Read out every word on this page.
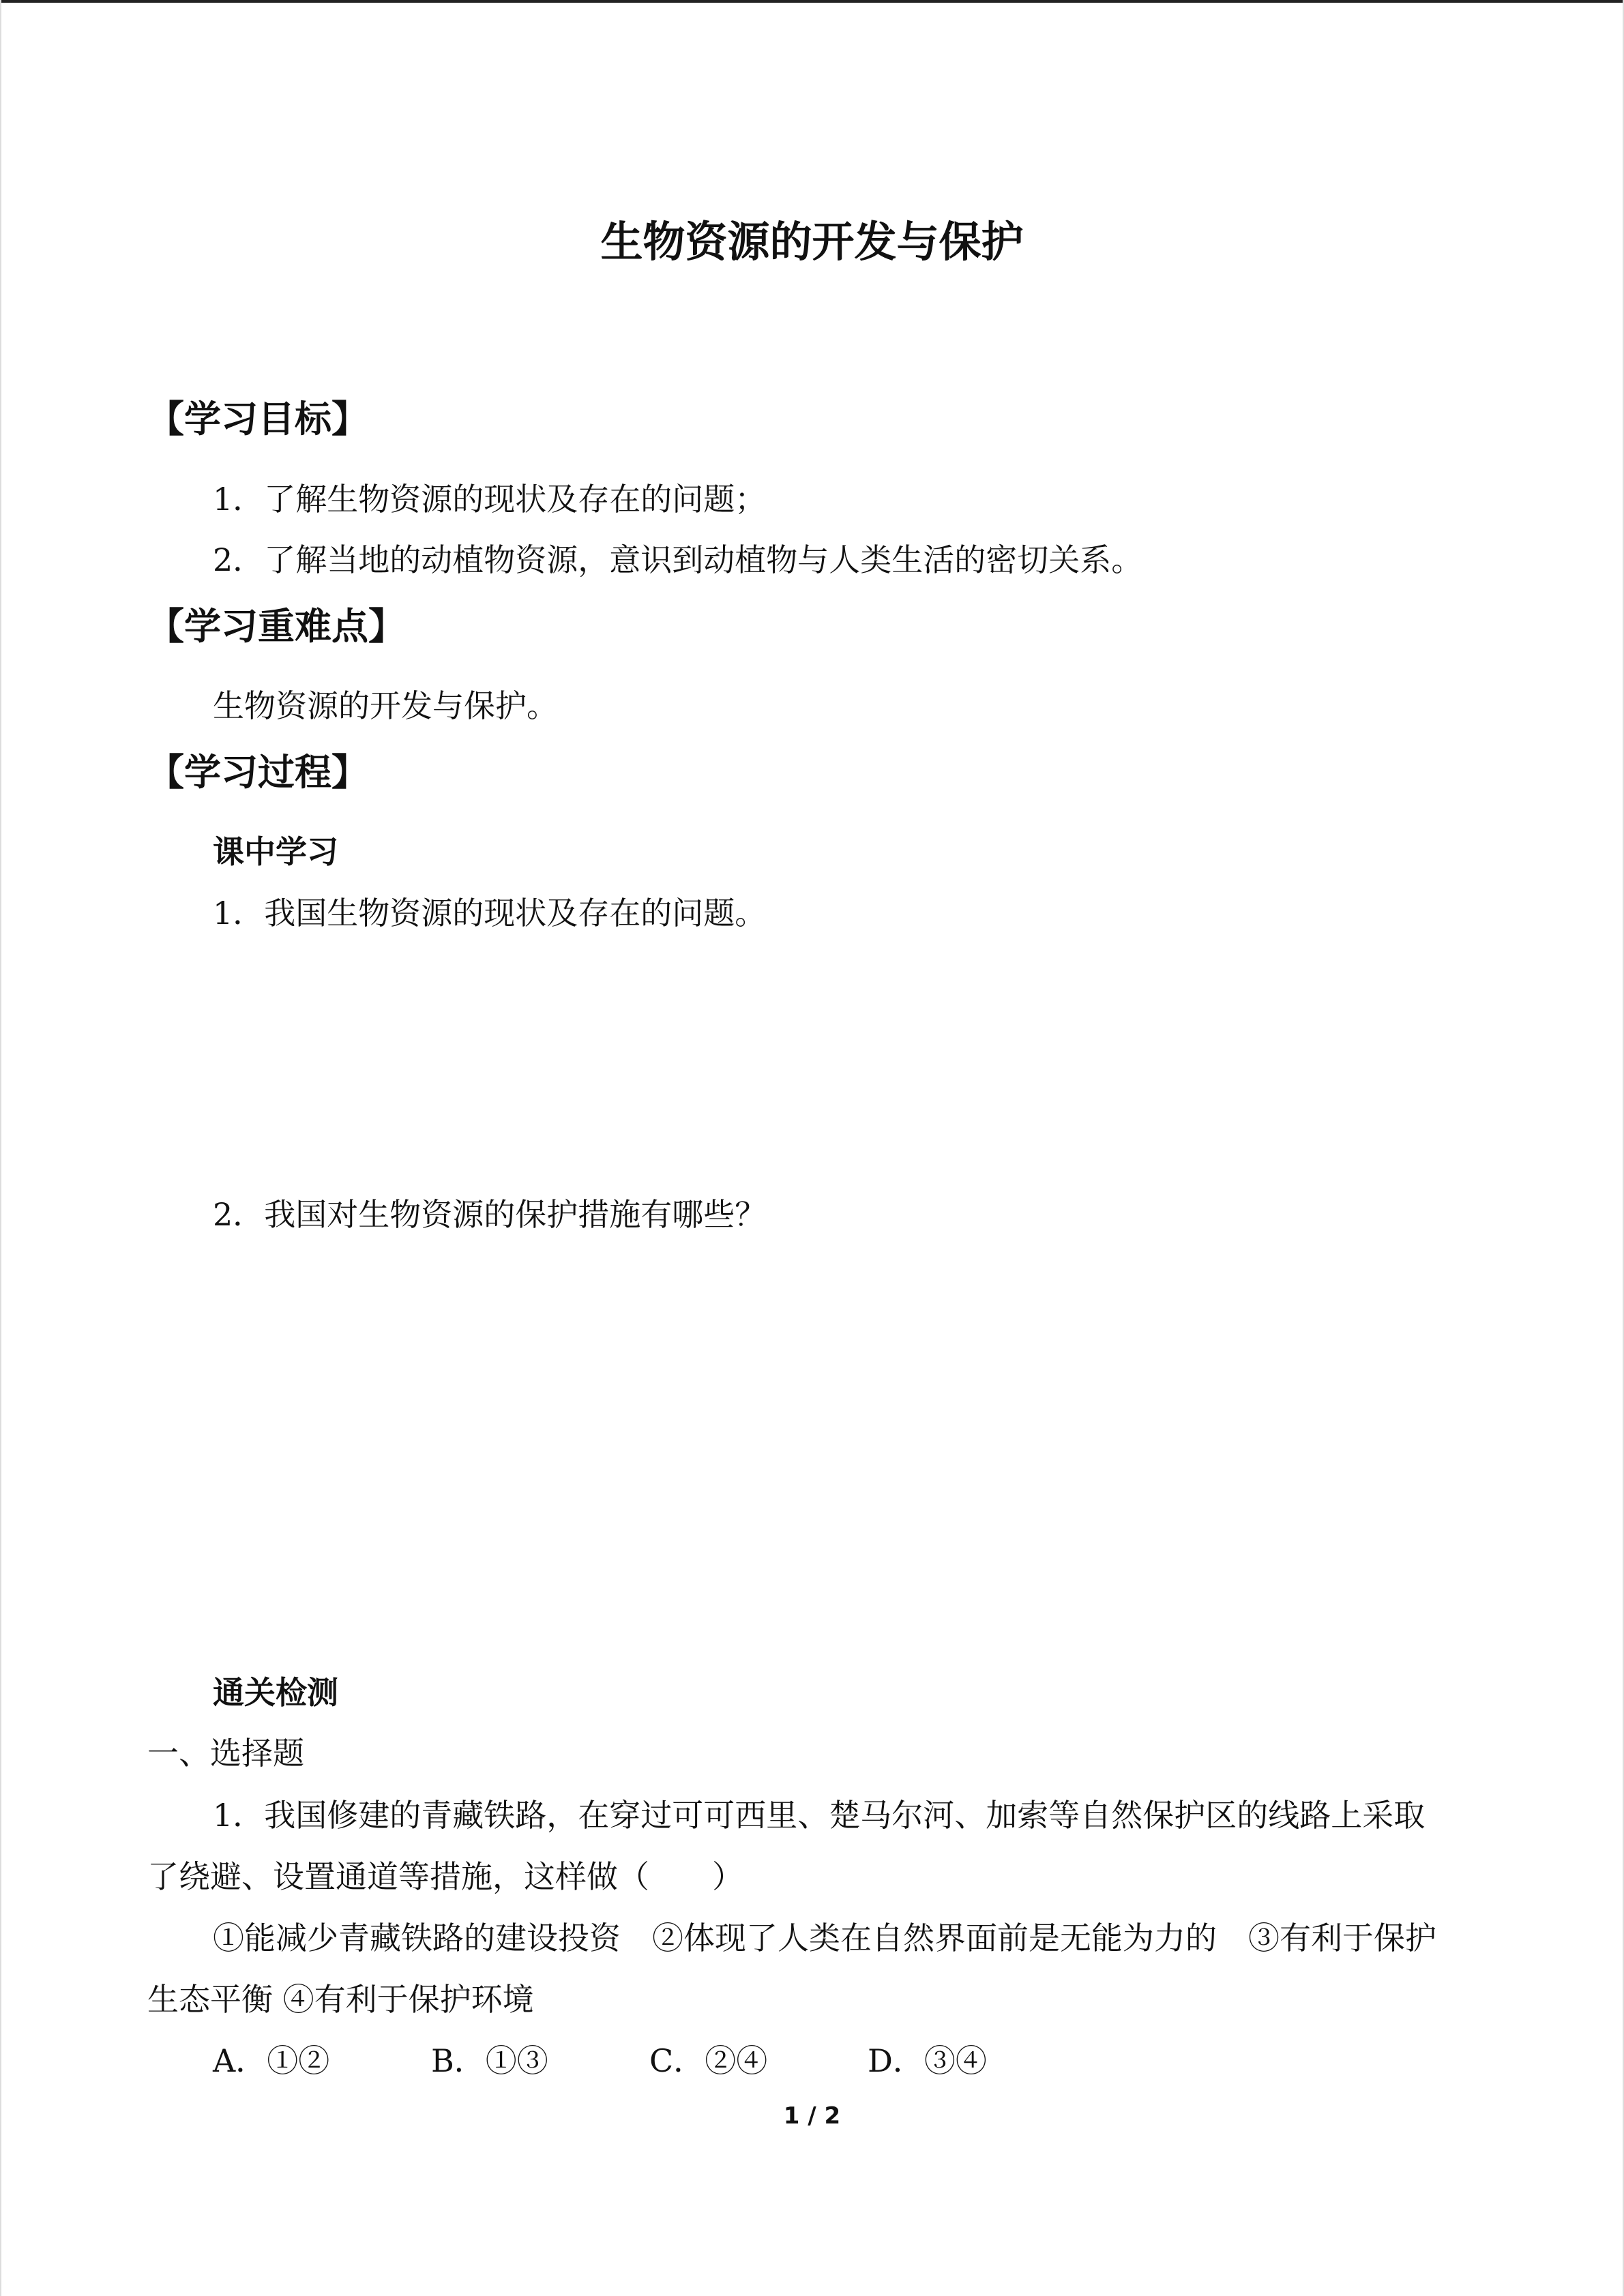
生物资源的开发与保护
【学习目标】
1．了解生物资源的现状及存在的问题；
2．了解当地的动植物资源，意识到动植物与人类生活的密切关系。
【学习重难点】
生物资源的开发与保护。
【学习过程】
课中学习
1．我国生物资源的现状及存在的问题。
2．我国对生物资源的保护措施有哪些？
通关检测
一、选择题
1．我国修建的青藏铁路，在穿过可可西里、楚马尔河、加索等自然保护区的线路上采取
了绕避、设置通道等措施，这样做（　　）
①能减少青藏铁路的建设投资　②体现了人类在自然界面前是无能为力的　③有利于保护
生态平衡 ④有利于保护环境
A．①②	B．①③	C．②④	D．③④
1 / 2
